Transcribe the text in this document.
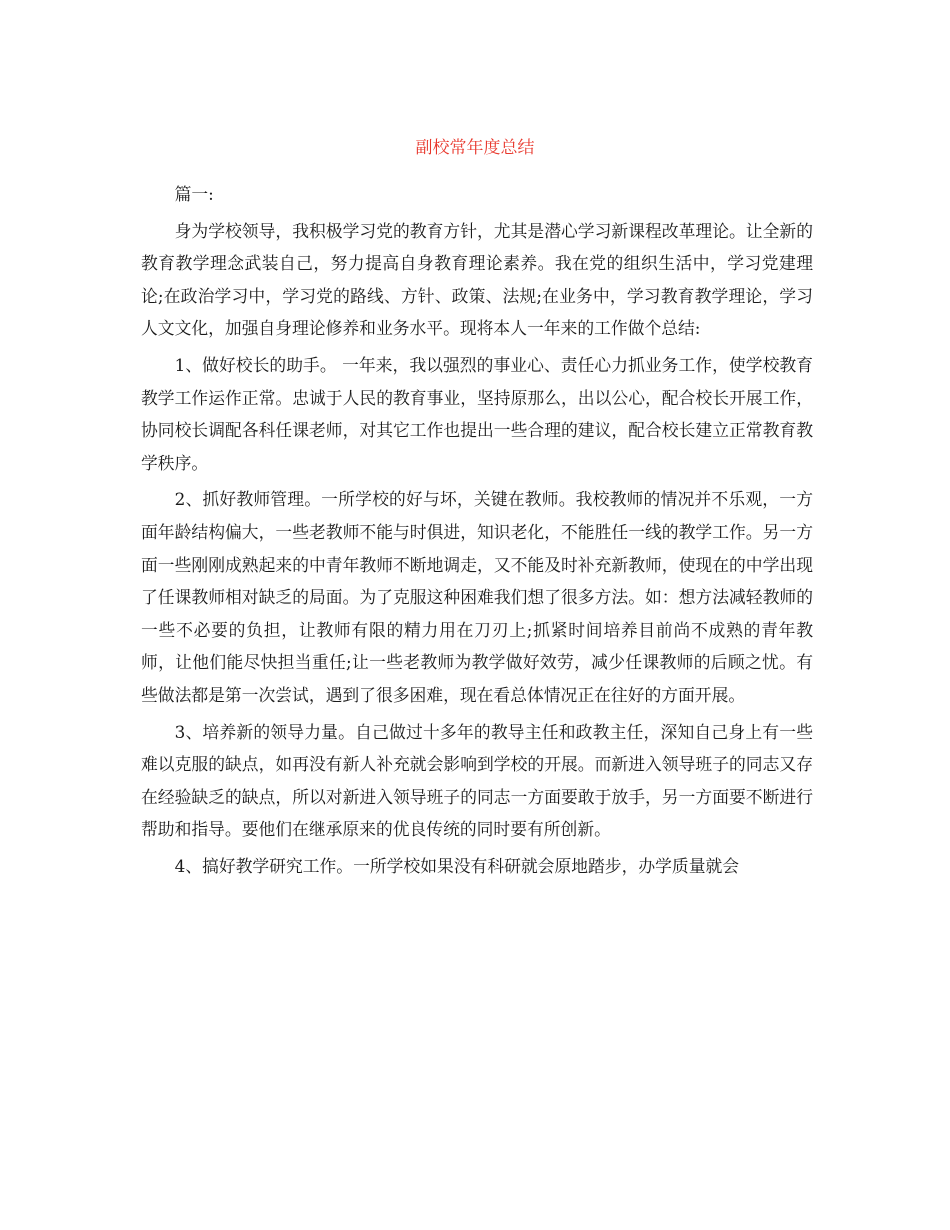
副校常年度总结

篇一:

身为学校领导，我积极学习党的教育方针，尤其是潜心学习新课程改革理论。让全新的教育教学理念武装自己，努力提高自身教育理论素养。我在党的组织生活中，学习党建理论;在政治学习中，学习党的路线、方针、政策、法规;在业务中，学习教育教学理论，学习人文文化，加强自身理论修养和业务水平。现将本人一年来的工作做个总结:

1、做好校长的助手。 一年来，我以强烈的事业心、责任心力抓业务工作，使学校教育教学工作运作正常。忠诚于人民的教育事业，坚持原那么，出以公心，配合校长开展工作，协同校长调配各科任课老师，对其它工作也提出一些合理的建议，配合校长建立正常教育教学秩序。

2、抓好教师管理。一所学校的好与坏，关键在教师。我校教师的情况并不乐观，一方面年龄结构偏大，一些老教师不能与时俱进，知识老化，不能胜任一线的教学工作。另一方面一些刚刚成熟起来的中青年教师不断地调走，又不能及时补充新教师，使现在的中学出现了任课教师相对缺乏的局面。为了克服这种困难我们想了很多方法。如：想方法减轻教师的一些不必要的负担，让教师有限的精力用在刀刃上;抓紧时间培养目前尚不成熟的青年教师，让他们能尽快担当重任;让一些老教师为教学做好效劳，减少任课教师的后顾之忧。有些做法都是第一次尝试，遇到了很多困难，现在看总体情况正在往好的方面开展。

3、培养新的领导力量。自己做过十多年的教导主任和政教主任，深知自己身上有一些难以克服的缺点，如再没有新人补充就会影响到学校的开展。而新进入领导班子的同志又存在经验缺乏的缺点，所以对新进入领导班子的同志一方面要敢于放手，另一方面要不断进行帮助和指导。要他们在继承原来的优良传统的同时要有所创新。

4、搞好教学研究工作。一所学校如果没有科研就会原地踏步，办学质量就会
